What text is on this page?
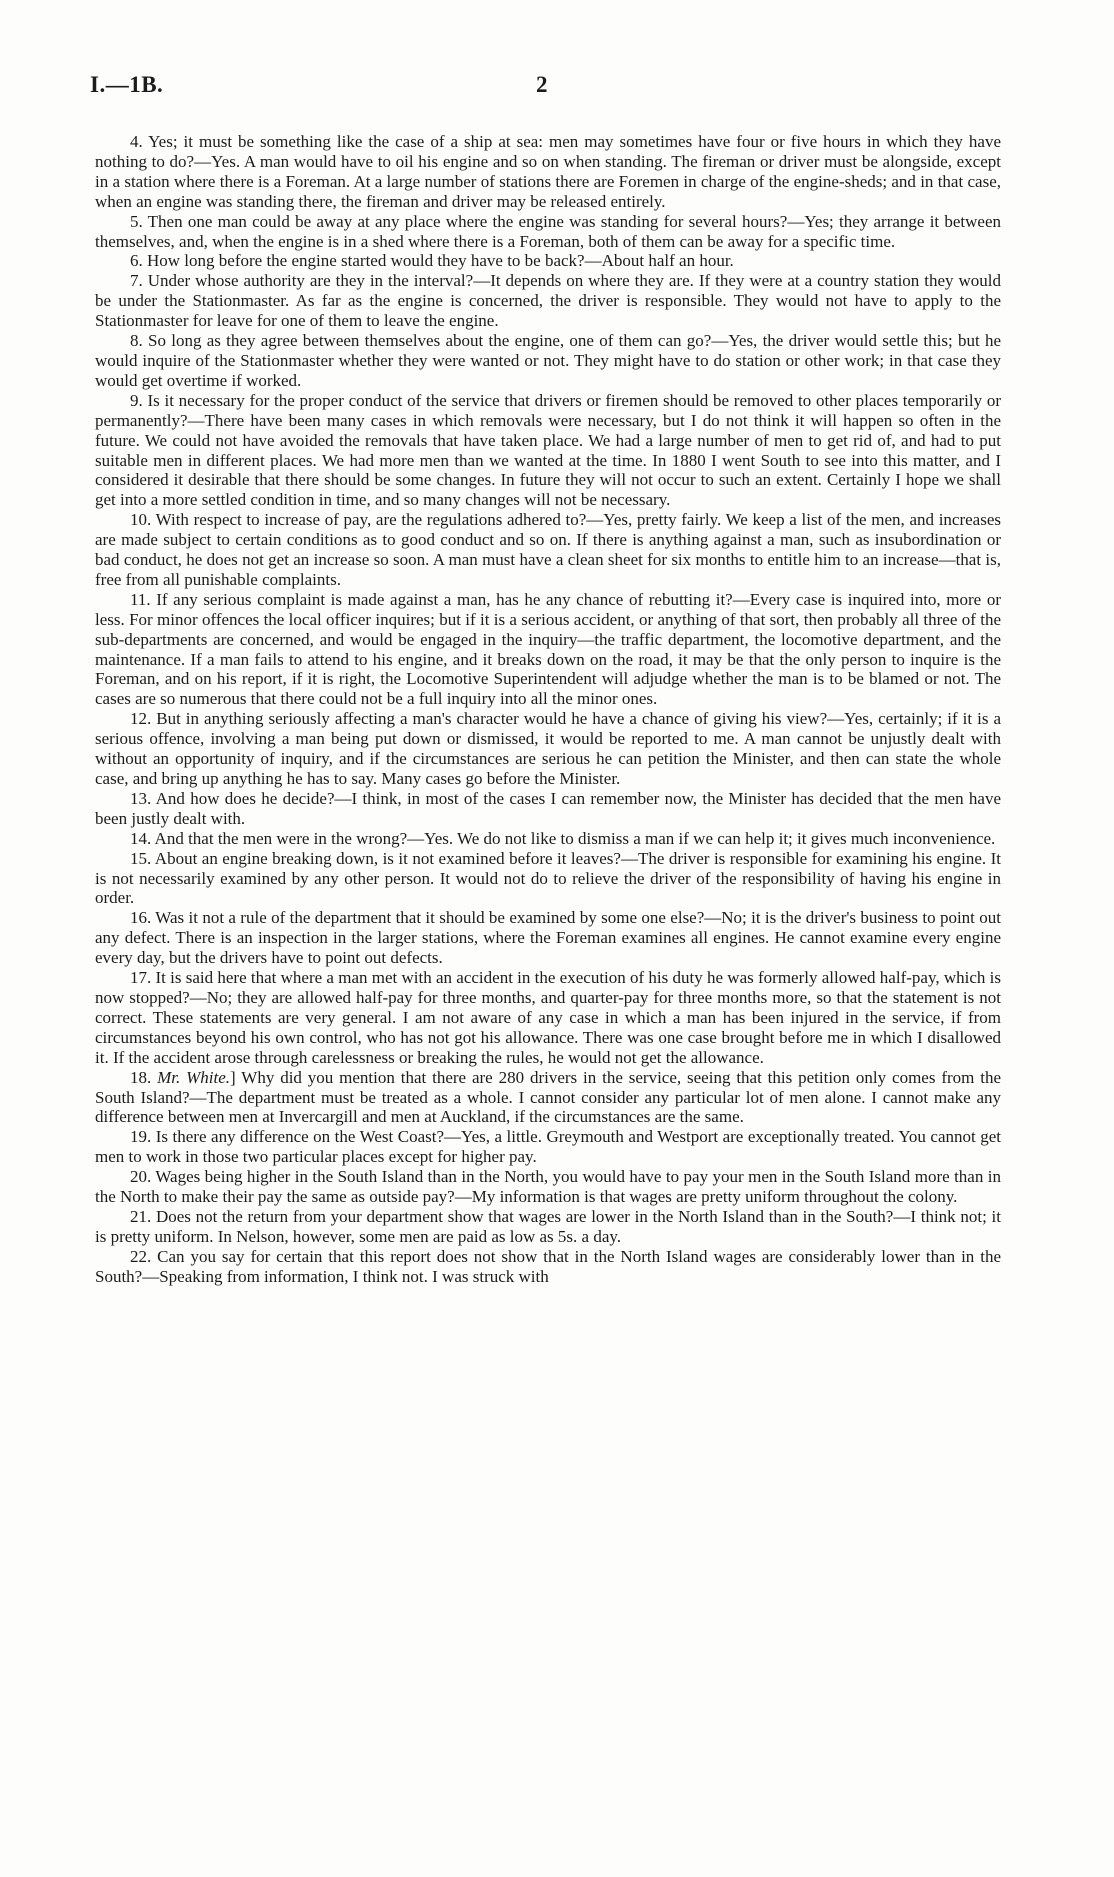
I.—1B.	2

4. Yes; it must be something like the case of a ship at sea: men may sometimes have four or five hours in which they have nothing to do?—Yes. A man would have to oil his engine and so on when standing. The fireman or driver must be alongside, except in a station where there is a Foreman. At a large number of stations there are Foremen in charge of the engine-sheds; and in that case, when an engine was standing there, the fireman and driver may be released entirely.

5. Then one man could be away at any place where the engine was standing for several hours?—Yes; they arrange it between themselves, and, when the engine is in a shed where there is a Foreman, both of them can be away for a specific time.

6. How long before the engine started would they have to be back?—About half an hour.

7. Under whose authority are they in the interval?—It depends on where they are. If they were at a country station they would be under the Stationmaster. As far as the engine is concerned, the driver is responsible. They would not have to apply to the Stationmaster for leave for one of them to leave the engine.

8. So long as they agree between themselves about the engine, one of them can go?—Yes, the driver would settle this; but he would inquire of the Stationmaster whether they were wanted or not. They might have to do station or other work; in that case they would get overtime if worked.

9. Is it necessary for the proper conduct of the service that drivers or firemen should be removed to other places temporarily or permanently?—There have been many cases in which removals were necessary, but I do not think it will happen so often in the future. We could not have avoided the removals that have taken place. We had a large number of men to get rid of, and had to put suitable men in different places. We had more men than we wanted at the time. In 1880 I went South to see into this matter, and I considered it desirable that there should be some changes. In future they will not occur to such an extent. Certainly I hope we shall get into a more settled condition in time, and so many changes will not be necessary.

10. With respect to increase of pay, are the regulations adhered to?—Yes, pretty fairly. We keep a list of the men, and increases are made subject to certain conditions as to good conduct and so on. If there is anything against a man, such as insubordination or bad conduct, he does not get an increase so soon. A man must have a clean sheet for six months to entitle him to an increase—that is, free from all punishable complaints.

11. If any serious complaint is made against a man, has he any chance of rebutting it?—Every case is inquired into, more or less. For minor offences the local officer inquires; but if it is a serious accident, or anything of that sort, then probably all three of the sub-departments are concerned, and would be engaged in the inquiry—the traffic department, the locomotive department, and the maintenance. If a man fails to attend to his engine, and it breaks down on the road, it may be that the only person to inquire is the Foreman, and on his report, if it is right, the Locomotive Superintendent will adjudge whether the man is to be blamed or not. The cases are so numerous that there could not be a full inquiry into all the minor ones.

12. But in anything seriously affecting a man's character would he have a chance of giving his view?—Yes, certainly; if it is a serious offence, involving a man being put down or dismissed, it would be reported to me. A man cannot be unjustly dealt with without an opportunity of inquiry, and if the circumstances are serious he can petition the Minister, and then can state the whole case, and bring up anything he has to say. Many cases go before the Minister.

13. And how does he decide?—I think, in most of the cases I can remember now, the Minister has decided that the men have been justly dealt with.

14. And that the men were in the wrong?—Yes. We do not like to dismiss a man if we can help it; it gives much inconvenience.

15. About an engine breaking down, is it not examined before it leaves?—The driver is responsible for examining his engine. It is not necessarily examined by any other person. It would not do to relieve the driver of the responsibility of having his engine in order.

16. Was it not a rule of the department that it should be examined by some one else?—No; it is the driver's business to point out any defect. There is an inspection in the larger stations, where the Foreman examines all engines. He cannot examine every engine every day, but the drivers have to point out defects.

17. It is said here that where a man met with an accident in the execution of his duty he was formerly allowed half-pay, which is now stopped?—No; they are allowed half-pay for three months, and quarter-pay for three months more, so that the statement is not correct. These statements are very general. I am not aware of any case in which a man has been injured in the service, if from circumstances beyond his own control, who has not got his allowance. There was one case brought before me in which I disallowed it. If the accident arose through carelessness or breaking the rules, he would not get the allowance.

18. Mr. White.] Why did you mention that there are 280 drivers in the service, seeing that this petition only comes from the South Island?—The department must be treated as a whole. I cannot consider any particular lot of men alone. I cannot make any difference between men at Invercargill and men at Auckland, if the circumstances are the same.

19. Is there any difference on the West Coast?—Yes, a little. Greymouth and Westport are exceptionally treated. You cannot get men to work in those two particular places except for higher pay.

20. Wages being higher in the South Island than in the North, you would have to pay your men in the South Island more than in the North to make their pay the same as outside pay?—My information is that wages are pretty uniform throughout the colony.

21. Does not the return from your department show that wages are lower in the North Island than in the South?—I think not; it is pretty uniform. In Nelson, however, some men are paid as low as 5s. a day.

22. Can you say for certain that this report does not show that in the North Island wages are considerably lower than in the South?—Speaking from information, I think not. I was struck with
